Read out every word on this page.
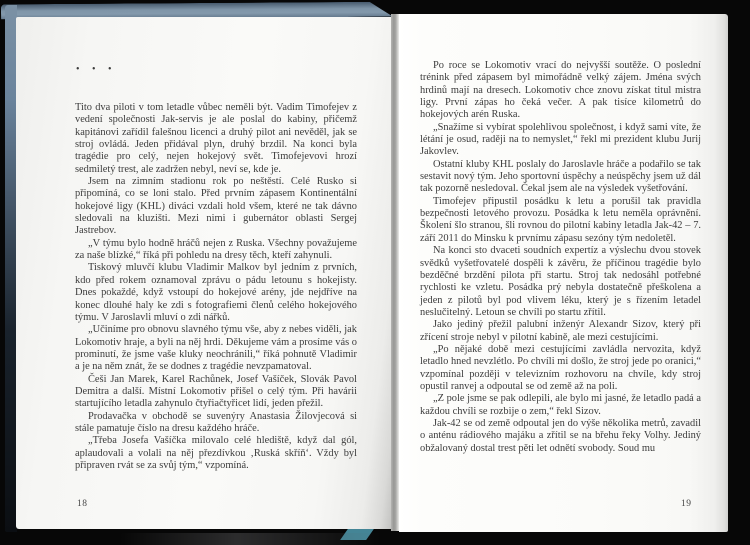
• • •

Tito dva piloti v tom letadle vůbec neměli být. Vadim Timofejev z vedení společnosti Jak-servis je ale poslal do kabiny, přičemž kapitánovi zařídil falešnou licenci a druhý pilot ani nevěděl, jak se stroj ovládá. Jeden přidával plyn, druhý brzdil. Na konci byla tragédie pro celý, nejen hokejový svět. Timofejevovi hrozí sedmiletý trest, ale zadržen nebyl, neví se, kde je.

Jsem na zimním stadionu rok po neštěstí. Celé Rusko si připomíná, co se loni stalo. Před prvním zápasem Kontinentální hokejové ligy (KHL) diváci vzdali hold všem, které ne tak dávno sledovali na kluzišti. Mezi nimi i gubernátor oblasti Sergej Jastrebov.

„V týmu bylo hodně hráčů nejen z Ruska. Všechny považujeme za naše blízké,“ říká při pohledu na dresy těch, kteří zahynuli.

Tiskový mluvčí klubu Vladimir Malkov byl jedním z prvních, kdo před rokem oznamoval zprávu o pádu letounu s hokejisty. Dnes pokaždé, když vstoupí do hokejové arény, jde nejdříve na konec dlouhé haly ke zdi s fotografiemi členů celého hokejového týmu. V Jaroslavli mluví o zdi nářků.

„Učiníme pro obnovu slavného týmu vše, aby z nebes viděli, jak Lokomotiv hraje, a byli na něj hrdi. Děkujeme vám a prosíme vás o prominutí, že jsme vaše kluky neochránili,“ říká pohnutě Vladimir a je na něm znát, že se dodnes z tragédie nevzpamatoval.

Češi Jan Marek, Karel Rachůnek, Josef Vašíček, Slovák Pavol Demitra a další. Místní Lokomotiv přišel o celý tým. Při havárii startujícího letadla zahynulo čtyřiačtyřicet lidí, jeden přežil.

Prodavačka v obchodě se suvenýry Anastasia Žilovjecová si stále pamatuje číslo na dresu každého hráče.

„Třeba Josefa Vašíčka milovalo celé hlediště, když dal gól, aplaudovali a volali na něj přezdívkou ‚Ruská skříň‘. Vždy byl připraven rvát se za svůj tým,“ vzpomíná.

Po roce se Lokomotiv vrací do nejvyšší soutěže. O poslední trénink před zápasem byl mimořádně velký zájem. Jména svých hrdinů mají na dresech. Lokomotiv chce znovu získat titul mistra ligy. První zápas ho čeká večer. A pak tisíce kilometrů do hokejových arén Ruska.

„Snažíme si vybírat spolehlivou společnost, i když sami víte, že létání je osud, raději na to nemyslet,“ řekl mi prezident klubu Jurij Jakovlev.

Ostatní kluby KHL poslaly do Jaroslavle hráče a podařilo se tak sestavit nový tým. Jeho sportovní úspěchy a neúspěchy jsem už dál tak pozorně nesledoval. Čekal jsem ale na výsledek vyšetřování.

Timofejev připustil posádku k letu a porušil tak pravidla bezpečnosti letového provozu. Posádka k letu neměla oprávnění. Školení šlo stranou, šli rovnou do pilotní kabiny letadla Jak-42 – 7. září 2011 do Minsku k prvnímu zápasu sezóny tým nedoletěl.

Na konci sto dvaceti soudních expertíz a výslechu dvou stovek svědků vyšetřovatelé dospěli k závěru, že příčinou tragédie bylo bezděčné brzdění pilota při startu. Stroj tak nedosáhl potřebné rychlosti ke vzletu. Posádka prý nebyla dostatečně přeškolena a jeden z pilotů byl pod vlivem léku, který je s řízením letadel neslučitelný. Letoun se chvíli po startu zřítil.

Jako jediný přežil palubní inženýr Alexandr Sizov, který při zřícení stroje nebyl v pilotní kabině, ale mezi cestujícími.

„Po nějaké době mezi cestujícími zavládla nervozita, když letadlo hned nevzlétlo. Po chvíli mi došlo, že stroj jede po oranici,“ vzpomínal později v televizním rozhovoru na chvíle, kdy stroj opustil ranvej a odpoutal se od země až na poli.

„Z pole jsme se pak odlepili, ale bylo mi jasné, že letadlo padá a každou chvíli se rozbije o zem,“ řekl Sizov.

Jak-42 se od země odpoutal jen do výše několika metrů, zavadil o anténu rádiového majáku a zřítil se na břehu řeky Volhy. Jediný obžalovaný dostal trest pěti let odnětí svobody. Soud mu

18	19
